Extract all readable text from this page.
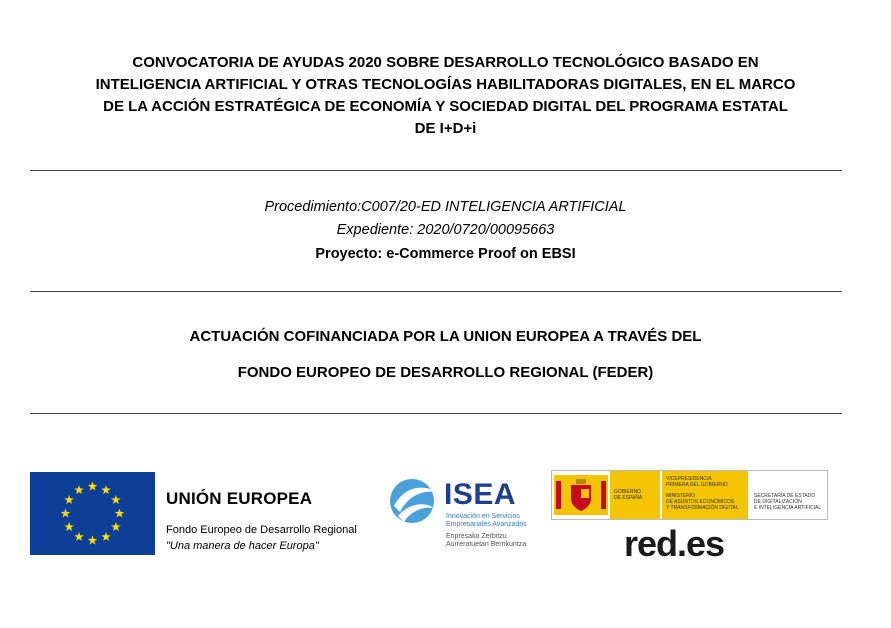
CONVOCATORIA DE AYUDAS 2020 SOBRE DESARROLLO TECNOLÓGICO BASADO EN
INTELIGENCIA ARTIFICIAL Y OTRAS TECNOLOGÍAS HABILITADORAS DIGITALES, EN EL MARCO
DE LA ACCIÓN ESTRATÉGICA DE ECONOMÍA Y SOCIEDAD DIGITAL DEL PROGRAMA ESTATAL
DE I+D+i
Procedimiento:C007/20-ED INTELIGENCIA ARTIFICIAL
Expediente: 2020/0720/00095663
Proyecto: e-Commerce Proof on EBSI
ACTUACIÓN COFINANCIADA POR LA UNION EUROPEA A TRAVÉS DEL
FONDO EUROPEO DE DESARROLLO REGIONAL (FEDER)
UNIÓN EUROPEA
Fondo Europeo de Desarrollo Regional
"Una manera de hacer Europa"
ISEA
Innovación en Servicios
Empresariales Avanzados
Enpresako Zerbitzu
Aurreratuetan Berrikuntza
GOBIERNO
DE ESPAÑA
VICEPRESIDENCIA
PRIMERA DEL GOBIERNO
MINISTERIO
DE ASUNTOS ECONÓMICOS
Y TRANSFORMACIÓN DIGITAL
SECRETARÍA DE ESTADO
DE DIGITALIZACIÓN
E INTELIGENCIA ARTIFICIAL
red.es
